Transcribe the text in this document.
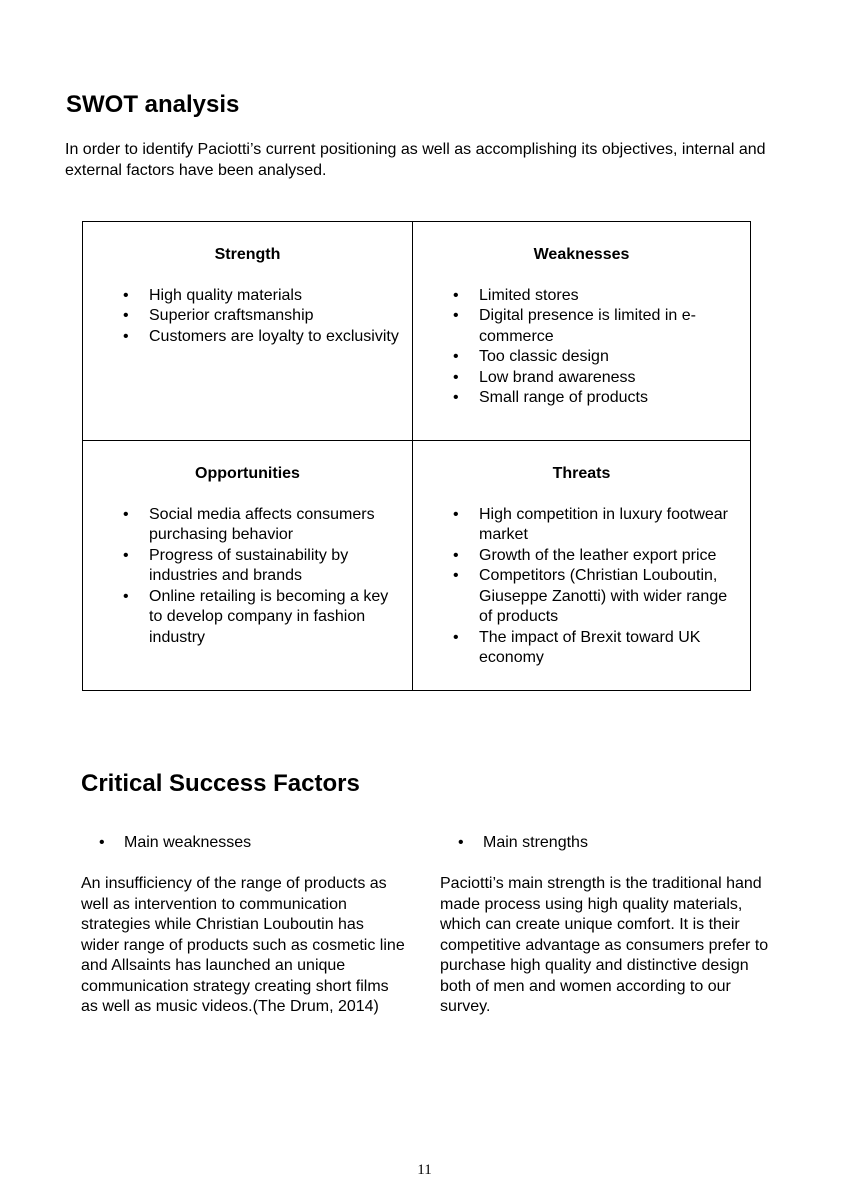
SWOT analysis

In order to identify Paciotti’s current positioning as well as accomplishing its objectives, internal and external factors have been analysed.

Strength
• High quality materials
• Superior craftsmanship
• Customers are loyalty to exclusivity
Weaknesses
• Limited stores
• Digital presence is limited in e-commerce
• Too classic design
• Low brand awareness
• Small range of products
Opportunities
• Social media affects consumers purchasing behavior
• Progress of sustainability by industries and brands
• Online retailing is becoming a key to develop company in fashion industry
Threats
• High competition in luxury footwear market
• Growth of the leather export price
• Competitors (Christian Louboutin, Giuseppe Zanotti) with wider range of products
• The impact of Brexit toward UK economy
Critical Success Factors
• Main weaknesses	• Main strengths

An insufficiency of the range of products as well as intervention to communication strategies while Christian Louboutin has wider range of products such as cosmetic line and Allsaints has launched an unique communication strategy creating short films as well as music videos.(The Drum, 2014)

Paciotti’s main strength is the traditional hand made process using high quality materials, which can create unique comfort. It is their competitive advantage as consumers prefer to purchase high quality and distinctive design both of men and women according to our survey.

11
